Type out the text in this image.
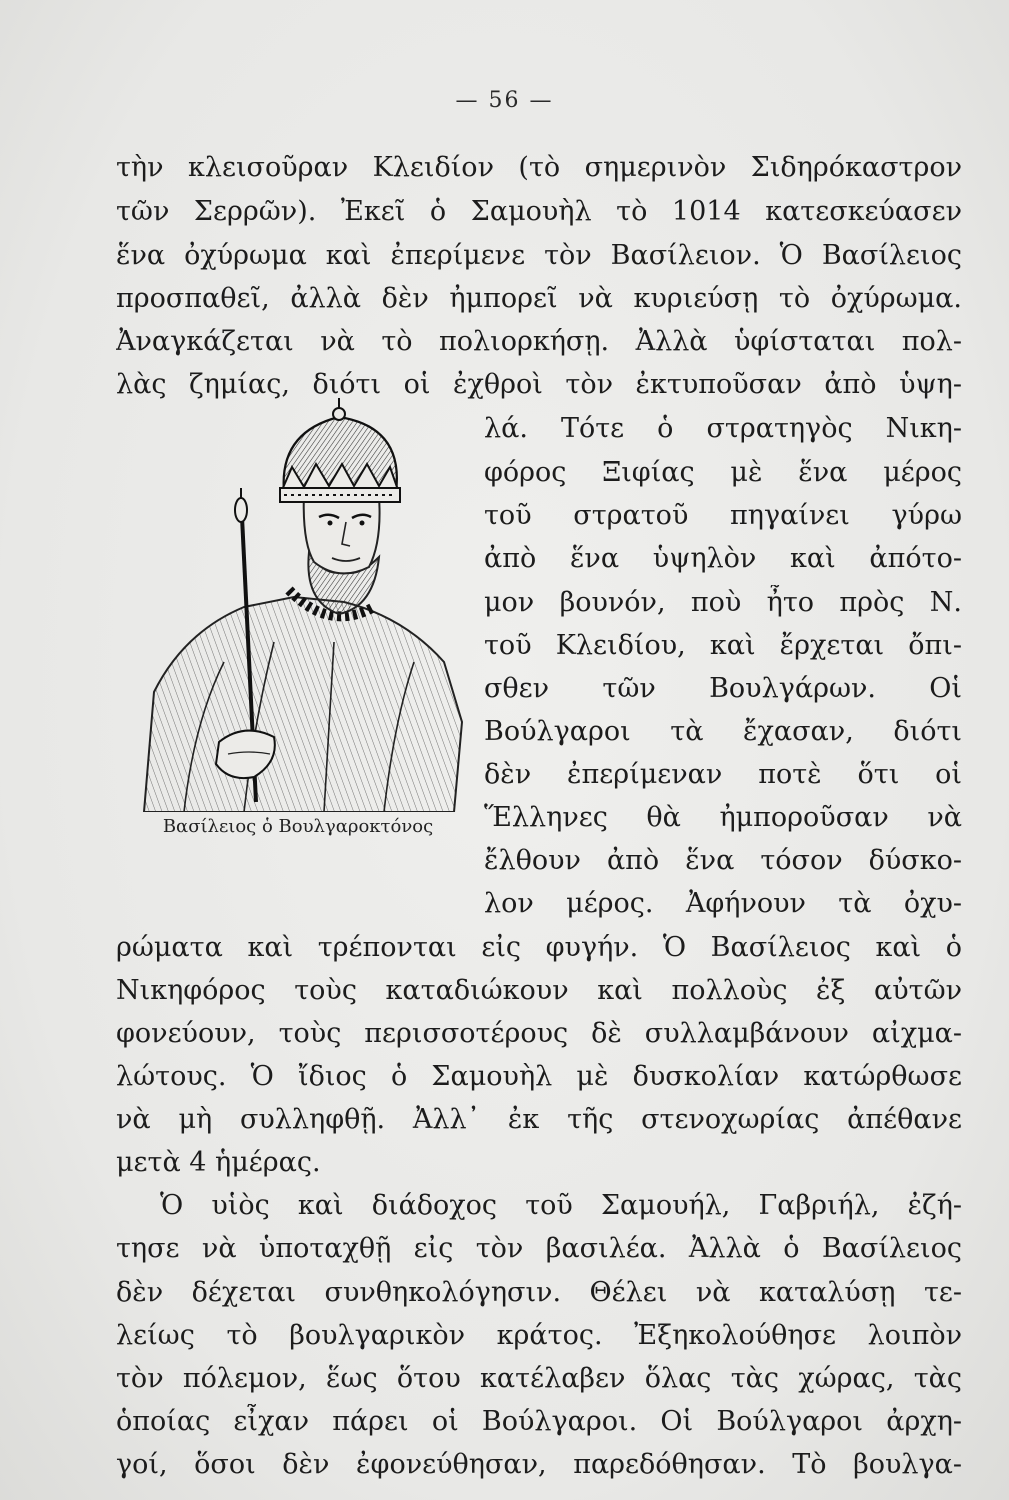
— 56 —
τὴν κλεισοῦραν Κλειδίον (τὸ σημερινὸν Σιδηρόκαστρον
τῶν Σερρῶν). Ἐκεῖ ὁ Σαμουὴλ τὸ 1014 κατεσκεύασεν
ἕνα ὀχύρωμα καὶ ἐπερίμενε τὸν Βασίλειον. Ὁ Βασίλειος
προσπαθεῖ, ἀλλὰ δὲν ἠμπορεῖ νὰ κυριεύσῃ τὸ ὀχύρωμα.
Ἀναγκάζεται νὰ τὸ πολιορκήσῃ. Ἀλλὰ ὑφίσταται πολ-
λὰς ζημίας, διότι οἱ ἐχθροὶ τὸν ἐκτυποῦσαν ἀπὸ ὑψη-
λά. Τότε ὁ στρατηγὸς Νικη-
φόρος Ξιφίας μὲ ἕνα μέρος
τοῦ στρατοῦ πηγαίνει γύρω
ἀπὸ ἕνα ὑψηλὸν καὶ ἀπότο-
μον βουνόν, ποὺ ἦτο πρὸς Ν.
τοῦ Κλειδίου, καὶ ἔρχεται ὄπι-
σθεν τῶν Βουλγάρων. Οἱ
Βούλγαροι τὰ ἔχασαν, διότι
δὲν ἐπερίμεναν ποτὲ ὅτι οἱ
Ἕλληνες θὰ ἠμποροῦσαν νὰ
ἔλθουν ἀπὸ ἕνα τόσον δύσκο-
λον μέρος. Ἀφήνουν τὰ ὀχυ-
ρώματα καὶ τρέπονται εἰς φυγήν. Ὁ Βασίλειος καὶ ὁ
Νικηφόρος τοὺς καταδιώκουν καὶ πολλοὺς ἐξ αὐτῶν
φονεύουν, τοὺς περισσοτέρους δὲ συλλαμβάνουν αἰχμα-
λώτους. Ὁ ἴδιος ὁ Σαμουὴλ μὲ δυσκολίαν κατώρθωσε
νὰ μὴ συλληφθῇ. Ἀλλ᾽ ἐκ τῆς στενοχωρίας ἀπέθανε
μετὰ 4 ἡμέρας.
Ὁ υἱὸς καὶ διάδοχος τοῦ Σαμουήλ, Γαβριήλ, ἐζή-
τησε νὰ ὑποταχθῇ εἰς τὸν βασιλέα. Ἀλλὰ ὁ Βασίλειος
δὲν δέχεται συνθηκολόγησιν. Θέλει νὰ καταλύσῃ τε-
λείως τὸ βουλγαρικὸν κράτος. Ἐξηκολούθησε λοιπὸν
τὸν πόλεμον, ἕως ὅτου κατέλαβεν ὅλας τὰς χώρας, τὰς
ὁποίας εἶχαν πάρει οἱ Βούλγαροι. Οἱ Βούλγαροι ἀρχη-
γοί, ὅσοι δὲν ἐφονεύθησαν, παρεδόθησαν. Τὸ βουλγα-
Βασίλειος ὁ Βουλγαροκτόνος
